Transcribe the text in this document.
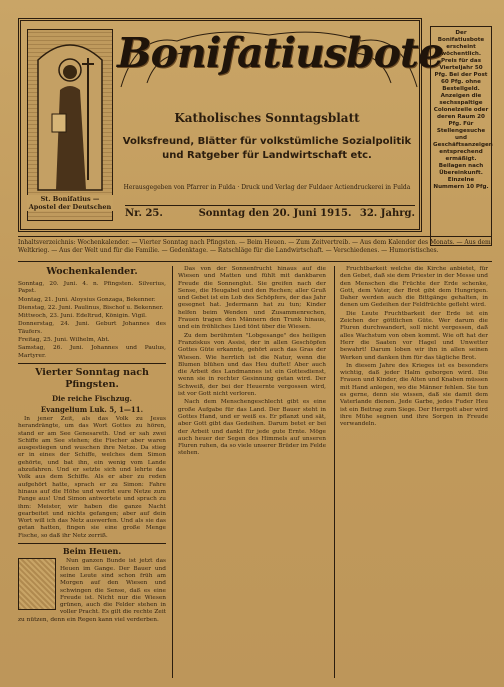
St. Bonifatius — Apostel der Deutschen
Bonifatiusbote
Katholisches Sonntagsblatt
Volksfreund, Blätter für volkstümliche Sozialpolitik
und Ratgeber für Landwirtschaft etc.
Herausgegeben von Pfarrer in Fulda · Druck und Verlag der Fuldaer Actiendruckerei in Fulda
Nr. 25.	Sonntag den 20. Juni 1915. 32. Jahrg.
Der Bonifatiusbote erscheint wöchentlich. Preis für das Vierteljahr 50 Pfg. Bei der Post 60 Pfg. ohne Bestellgeld. Anzeigen die sechsspaltige Colonelzeile oder deren Raum 20 Pfg. Für Stellengesuche und Geschäftsanzeigen entsprechend ermäßigt. Beilagen nach Übereinkunft. Einzelne Nummern 10 Pfg.
Inhaltsverzeichnis: Wochenkalender. — Vierter Sonntag nach Pfingsten. — Beim Heuen. — Zum Zeitvertreib. — Aus dem Kalender des Monats. — Aus dem Weltkrieg. — Aus der Welt und für die Familie. — Gedenktage. — Ratschläge für die Landwirtschaft. — Verschiedenes. — Humoristisches.
Wochenkalender.

Sonntag, 20. Juni. 4. n. Pfingsten. Silverius, Papst.

Montag, 21. Juni. Aloysius Gonzaga, Bekenner.

Dienstag, 22. Juni. Paulinus, Bischof u. Bekenner.

Mittwoch, 23. Juni. Edeltrud, Königin. Vigil.

Donnerstag, 24. Juni. Geburt Johannes des Täufers.

Freitag, 25. Juni. Wilhelm, Abt.

Samstag, 26. Juni. Johannes und Paulus, Martyrer.

Vierter Sonntag nach Pfingsten.
Die reiche Fischzug.
Evangelium Luk. 5, 1—11.

In jener Zeit, als das Volk zu Jesus herandrängte, um das Wort Gottes zu hören, stand er am See Genesareth. Und er sah zwei Schiffe am See stehen; die Fischer aber waren ausgestiegen und wuschen ihre Netze. Da stieg er in eines der Schiffe, welches dem Simon gehörte, und bat ihn, ein wenig vom Lande abzufahren. Und er setzte sich und lehrte das Volk aus dem Schiffe. Als er aber zu reden aufgehört hatte, sprach er zu Simon: Fahre hinaus auf die Höhe und werfet eure Netze zum Fange aus! Und Simon antwortete und sprach zu ihm: Meister, wir haben die ganze Nacht gearbeitet und nichts gefangen; aber auf dein Wort will ich das Netz auswerfen. Und als sie das getan hatten, fingen sie eine große Menge Fische, so daß ihr Netz zerriß.

Beim Heuen.

Nun ganzen Bunde ist jetzt das Heuen im Gange. Der Bauer und seine Leute sind schon früh am Morgen auf den Wiesen und schwingen die Sense, daß es eine Freude ist. Nicht nur die Wiesen grünen, auch die Felder stehen in voller Pracht. Es gilt die rechte Zeit zu nützen, denn ein Regen kann viel verderben.

Das von der Sonnenfrucht hinaus auf die Wiesen und Matten und fühlt mit dankbaren Freude die Sonnenglut. Sie greifen nach der Sense, die Heugabel und den Rechen; aller Gruß und Gebet ist ein Lob des Schöpfers, der das Jahr gesegnet hat. Jedermann hat zu tun; Kinder helfen beim Wenden und Zusammenrechen, Frauen tragen den Männern den Trunk hinaus, und ein fröhliches Lied tönt über die Wiesen.

Zu dem berühmten "Lobgesange" des heiligen Franziskus von Assisi, der in allen Geschöpfen Gottes Güte erkannte, gehört auch das Gras der Wiesen. Wie herrlich ist die Natur, wenn die Blumen blühen und das Heu duftet! Aber auch die Arbeit des Landmannes ist ein Gottesdienst, wenn sie in rechter Gesinnung getan wird. Der Schweiß, der bei der Heuernte vergossen wird, ist vor Gott nicht verloren.

Nach dem Menschengeschlecht gibt es eine große Aufgabe für das Land. Der Bauer steht in Gottes Hand, und er weiß es. Er pflanzt und sät, aber Gott gibt das Gedeihen. Darum betet er bei der Arbeit und dankt für jede gute Ernte. Möge auch heuer der Segen des Himmels auf unseren Fluren ruhen, da so viele unserer Brüder im Felde stehen.

Fruchtbarkeit welche die Kirche anbietet, für den Gebet, daß sie dem Priester in der Messe und den Menschen die Früchte der Erde schenke, Gott, dem Vater, der Brot gibt dem Hungrigen. Daher werden auch die Bittgänge gehalten, in denen um Gedeihen der Feldfrüchte gefleht wird.

Die Leute Fruchtbarkeit der Erde ist ein Zeichen der göttlichen Güte. Wer darum die Fluren durchwandert, soll nicht vergessen, daß alles Wachstum von oben kommt. Wie oft hat der Herr die Saaten vor Hagel und Unwetter bewahrt! Darum loben wir ihn in allen seinen Werken und danken ihm für das tägliche Brot.

In diesem Jahre des Krieges ist es besonders wichtig, daß jeder Halm geborgen wird. Die Frauen und Kinder, die Alten und Knaben müssen mit Hand anlegen, wo die Männer fehlen. Sie tun es gerne, denn sie wissen, daß sie damit dem Vaterlande dienen. Jede Garbe, jedes Fuder Heu ist ein Beitrag zum Siege. Der Herrgott aber wird ihre Mühe segnen und ihre Sorgen in Freude verwandeln.
